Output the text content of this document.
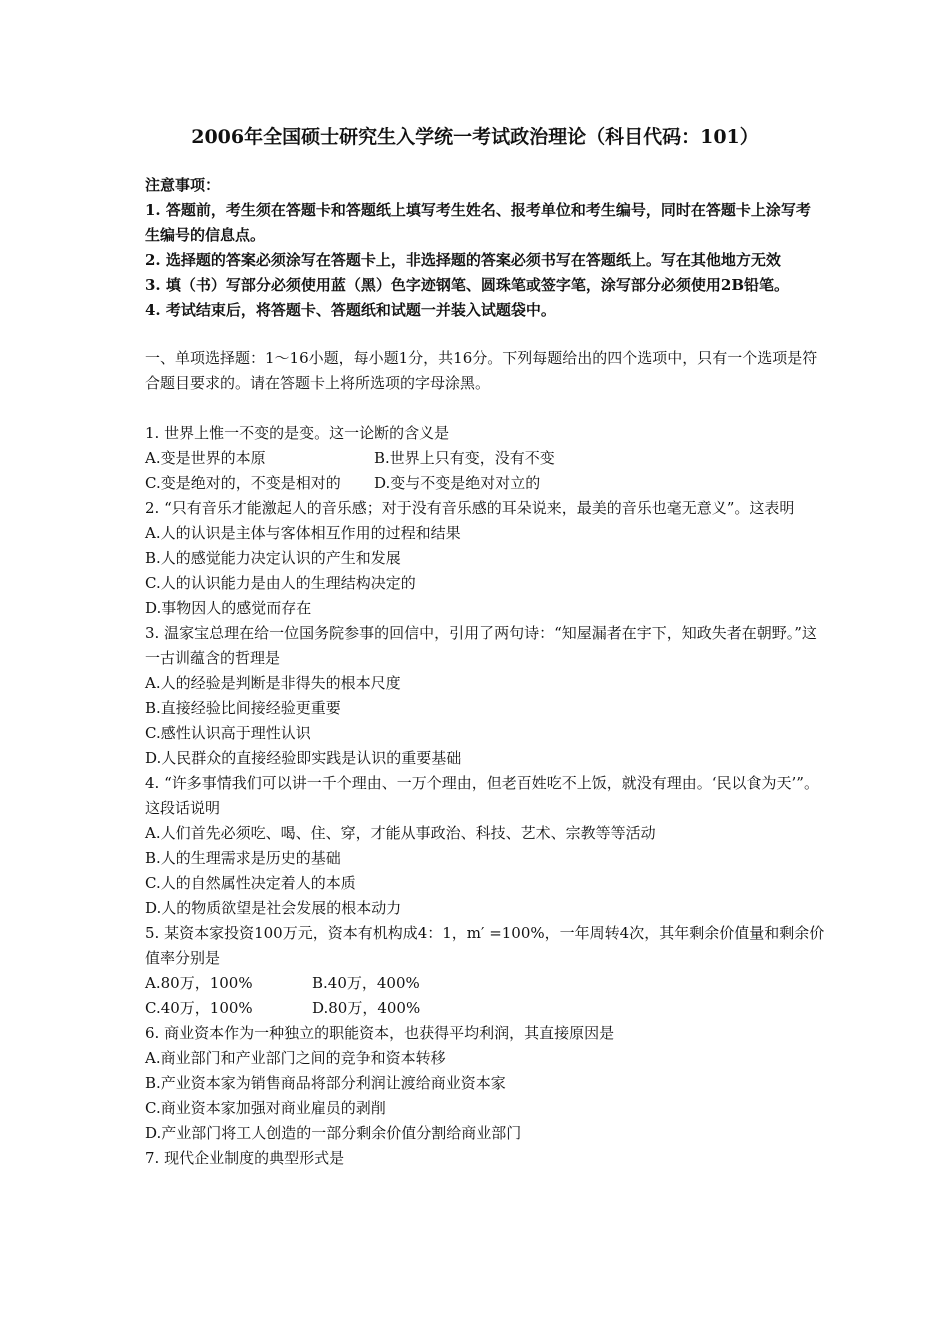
2006年全国硕士研究生入学统一考试政治理论（科目代码：101）

注意事项：

1. 答题前，考生须在答题卡和答题纸上填写考生姓名、报考单位和考生编号，同时在答题卡上涂写考生编号的信息点。

2. 选择题的答案必须涂写在答题卡上，非选择题的答案必须书写在答题纸上。写在其他地方无效

3. 填（书）写部分必须使用蓝（黑）色字迹钢笔、圆珠笔或签字笔，涂写部分必须使用2B铅笔。

4. 考试结束后，将答题卡、答题纸和试题一并装入试题袋中。

一、单项选择题：1～16小题，每小题1分，共16分。下列每题给出的四个选项中，只有一个选项是符合题目要求的。请在答题卡上将所选项的字母涂黑。

1. 世界上惟一不变的是变。这一论断的含义是

A.变是世界的本原	B.世界上只有变，没有不变
C.变是绝对的，不变是相对的	D.变与不变是绝对对立的

2. “只有音乐才能激起人的音乐感；对于没有音乐感的耳朵说来，最美的音乐也毫无意义”。这表明

A.人的认识是主体与客体相互作用的过程和结果

B.人的感觉能力决定认识的产生和发展

C.人的认识能力是由人的生理结构决定的

D.事物因人的感觉而存在

3. 温家宝总理在给一位国务院参事的回信中，引用了两句诗：“知屋漏者在宇下，知政失者在朝野。”这一古训蕴含的哲理是

A.人的经验是判断是非得失的根本尺度

B.直接经验比间接经验更重要

C.感性认识高于理性认识

D.人民群众的直接经验即实践是认识的重要基础

4. “许多事情我们可以讲一千个理由、一万个理由，但老百姓吃不上饭，就没有理由。‘民以食为天’”。这段话说明

A.人们首先必须吃、喝、住、穿，才能从事政治、科技、艺术、宗教等等活动

B.人的生理需求是历史的基础

C.人的自然属性决定着人的本质

D.人的物质欲望是社会发展的根本动力

5. 某资本家投资100万元，资本有机构成4：1，m′ =100%，一年周转4次，其年剩余价值量和剩余价值率分别是

A.80万，100%	B.40万，400%
C.40万，100%	D.80万，400%

6. 商业资本作为一种独立的职能资本，也获得平均利润，其直接原因是

A.商业部门和产业部门之间的竞争和资本转移

B.产业资本家为销售商品将部分利润让渡给商业资本家

C.商业资本家加强对商业雇员的剥削

D.产业部门将工人创造的一部分剩余价值分割给商业部门

7. 现代企业制度的典型形式是
